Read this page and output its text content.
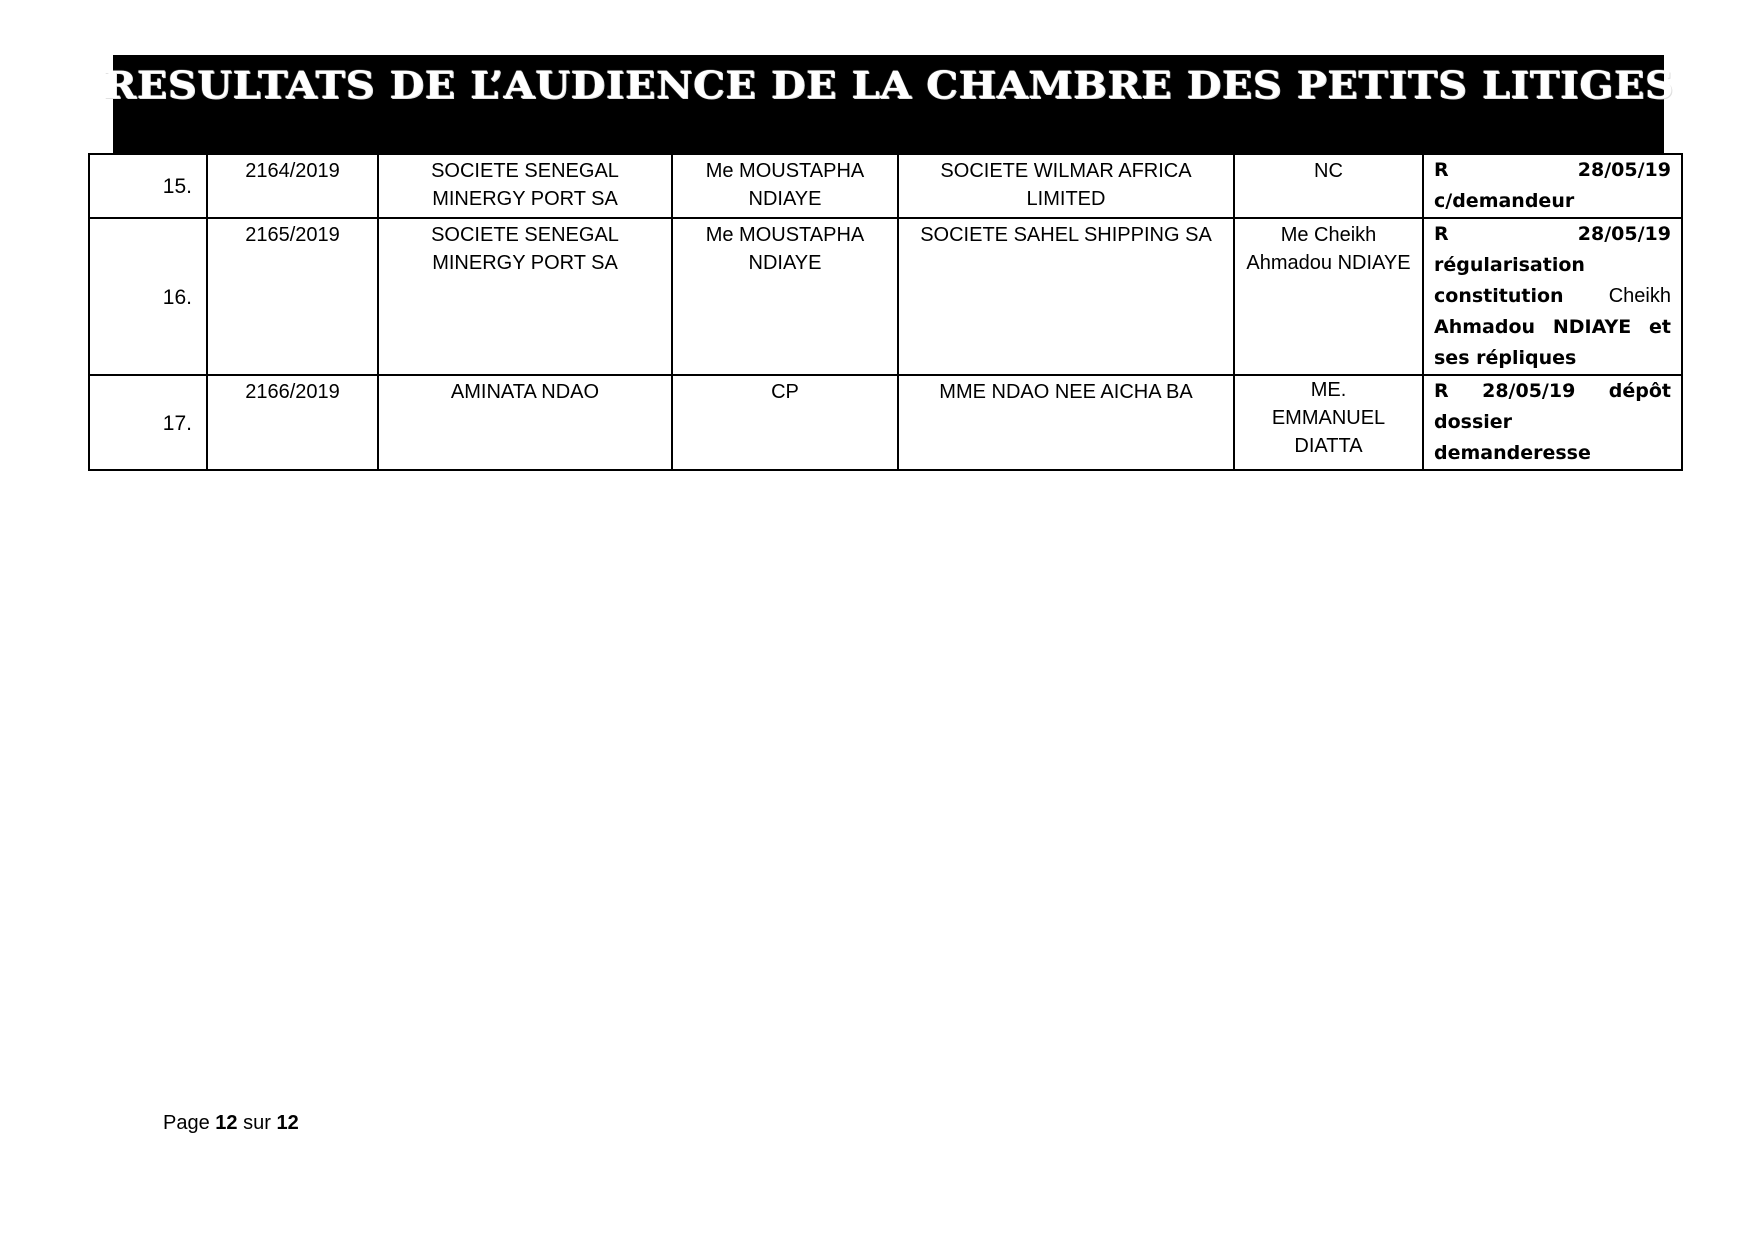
RESULTATS DE L’AUDIENCE DE LA CHAMBRE DES PETITS LITIGES
15.	2164/2019	SOCIETE SENEGAL MINERGY PORT SA	Me MOUSTAPHA NDIAYE	SOCIETE WILMAR AFRICA LIMITED	NC	R 28/05/19
c/demandeur
16.	2165/2019	SOCIETE SENEGAL MINERGY PORT SA	Me MOUSTAPHA NDIAYE	SOCIETE SAHEL SHIPPING SA	Me Cheikh Ahmadou NDIAYE	R 28/05/19
régularisation constitution Cheikh Ahmadou NDIAYE et ses répliques
17.	2166/2019	AMINATA NDAO	CP	MME NDAO NEE AICHA BA	ME. EMMANUEL DIATTA	R 28/05/19 dépôt dossier demanderesse
Page 12 sur 12
